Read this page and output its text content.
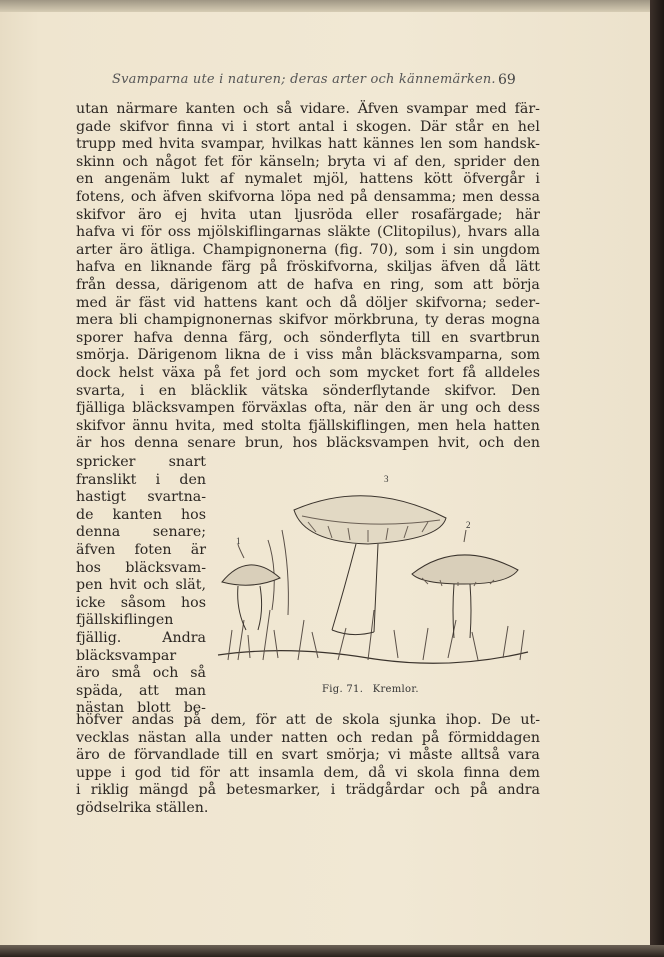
Svamparna ute i naturen; deras arter och kännemärken. 69
utan närmare kanten och så vidare. Äfven svampar med fär-
gade skifvor finna vi i stort antal i skogen. Där står en hel
trupp med hvita svampar, hvilkas hatt kännes len som handsk-
skinn och något fet för känseln; bryta vi af den, sprider den
en angenäm lukt af nymalet mjöl, hattens kött öfvergår i
fotens, och äfven skifvorna löpa ned på densamma; men dessa
skifvor äro ej hvita utan ljusröda eller rosafärgade; här
hafva vi för oss mjölskiflingarnas släkte (Clitopilus), hvars alla
arter äro ätliga. Champignonerna (fig. 70), som i sin ungdom
hafva en liknande färg på fröskifvorna, skiljas äfven då lätt
från dessa, därigenom att de hafva en ring, som att börja
med är fäst vid hattens kant och då döljer skifvorna; seder-
mera bli champignonernas skifvor mörkbruna, ty deras mogna
sporer hafva denna färg, och sönderflyta till en svartbrun
smörja. Därigenom likna de i viss mån bläcksvamparna, som
dock helst växa på fet jord och som mycket fort få alldeles
svarta, i en bläcklik vätska sönderflytande skifvor. Den
fjälliga bläcksvampen förväxlas ofta, när den är ung och dess
skifvor ännu hvita, med stolta fjällskiflingen, men hela hatten
är hos denna senare brun, hos bläcksvampen hvit, och den
spricker snart
franslikt i den
hastigt svartna-
de kanten hos
denna senare;
äfven foten är
hos bläcksvam-
pen hvit och slät,
icke såsom hos
fjällskiflingen
fjällig.	Andra
bläcksvampar
äro små och så
späda, att man
nästan blott be-
1
2
3
Fig. 71. Kremlor.
höfver andas på dem, för att de skola sjunka ihop. De ut-
vecklas nästan alla under natten och redan på förmiddagen
äro de förvandlade till en svart smörja; vi måste alltså vara
uppe i god tid för att insamla dem, då vi skola finna dem
i riklig mängd på betesmarker, i trädgårdar och på andra
gödselrika ställen.
